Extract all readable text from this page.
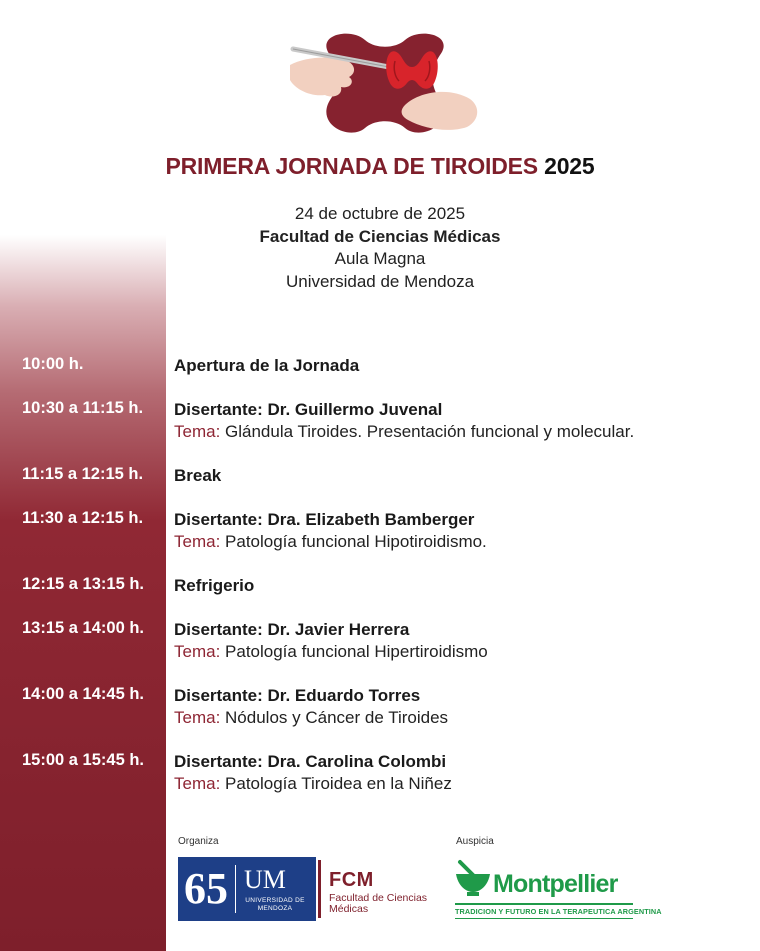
PRIMERA JORNADA DE TIROIDES 2025
24 de octubre de 2025
Facultad de Ciencias Médicas
Aula Magna
Universidad de Mendoza
10:00 h.	Apertura de la Jornada
10:30 a 11:15 h. Disertante: Dr. Guillermo Juvenal
Tema: Glándula Tiroides. Presentación funcional y molecular.
11:15 a 12:15 h. Break
11:30 a 12:15 h. Disertante: Dra. Elizabeth Bamberger
Tema: Patología funcional Hipotiroidismo.
12:15 a 13:15 h. Refrigerio
13:15 a 14:00 h. Disertante: Dr. Javier Herrera
Tema: Patología funcional Hipertiroidismo
14:00 a 14:45 h. Disertante: Dr. Eduardo Torres
Tema: Nódulos y Cáncer de Tiroides
15:00 a 15:45 h. Disertante: Dra. Carolina Colombi
Tema: Patología Tiroidea en la Niñez
Organiza	Auspicia
65 UM
UNIVERSIDAD DE MENDOZA
FCM
Facultad de Ciencias
Médicas
Montpellier
TRADICION Y FUTURO EN LA TERAPEUTICA ARGENTINA
